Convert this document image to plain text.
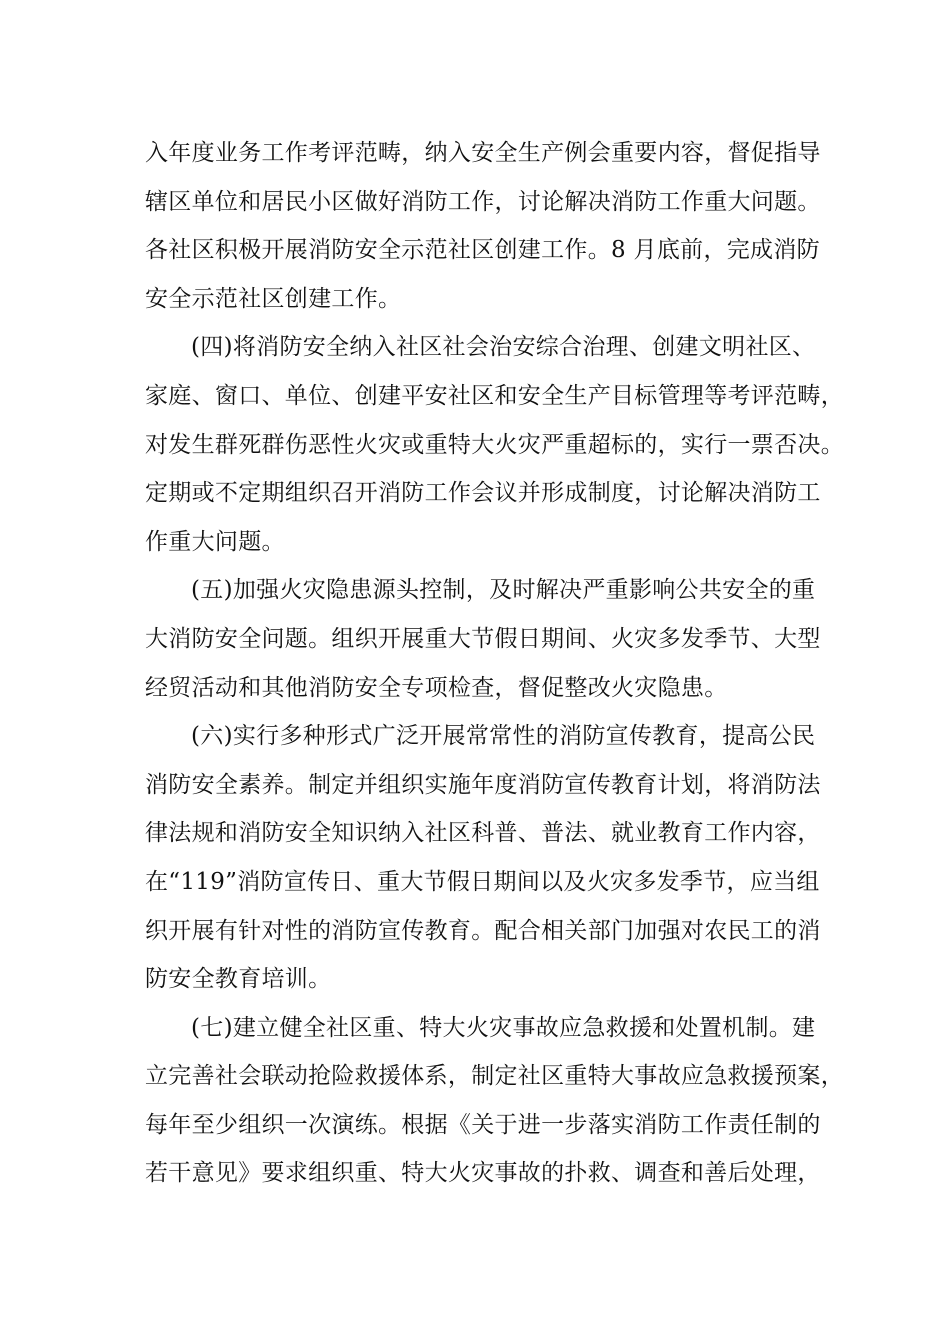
入年度业务工作考评范畴，纳入安全生产例会重要内容，督促指导
辖区单位和居民小区做好消防工作，讨论解决消防工作重大问题。
各社区积极开展消防安全示范社区创建工作。8 月底前，完成消防
安全示范社区创建工作。
(四)将消防安全纳入社区社会治安综合治理、创建文明社区、
家庭、窗口、单位、创建平安社区和安全生产目标管理等考评范畴，
对发生群死群伤恶性火灾或重特大火灾严重超标的，实行一票否决。
定期或不定期组织召开消防工作会议并形成制度，讨论解决消防工
作重大问题。
(五)加强火灾隐患源头控制，及时解决严重影响公共安全的重
大消防安全问题。组织开展重大节假日期间、火灾多发季节、大型
经贸活动和其他消防安全专项检查，督促整改火灾隐患。
(六)实行多种形式广泛开展常常性的消防宣传教育，提高公民
消防安全素养。制定并组织实施年度消防宣传教育计划，将消防法
律法规和消防安全知识纳入社区科普、普法、就业教育工作内容，
在“119”消防宣传日、重大节假日期间以及火灾多发季节，应当组
织开展有针对性的消防宣传教育。配合相关部门加强对农民工的消
防安全教育培训。
(七)建立健全社区重、特大火灾事故应急救援和处置机制。建
立完善社会联动抢险救援体系，制定社区重特大事故应急救援预案，
每年至少组织一次演练。根据《关于进一步落实消防工作责任制的
若干意见》要求组织重、特大火灾事故的扑救、调查和善后处理，
